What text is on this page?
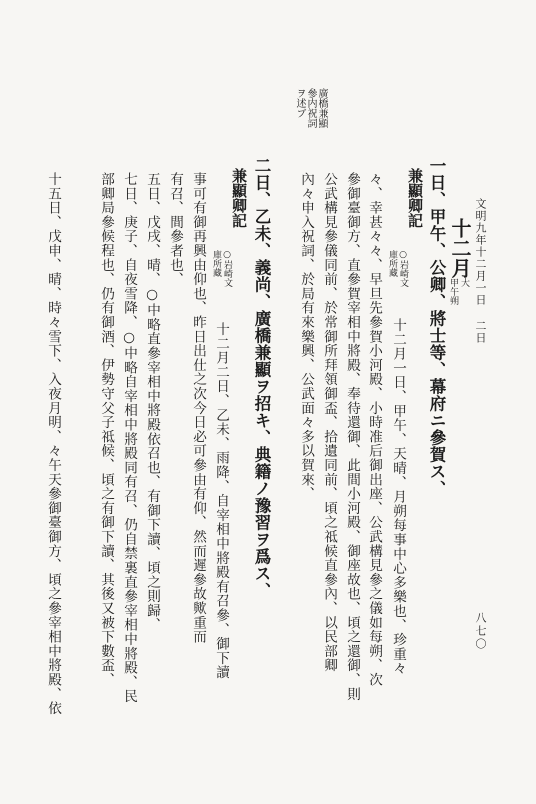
文明九年十二月一日 二日
八七〇
廣橋兼顯
參内祝詞
ヲ述ブ
十二月
大
甲午朔
一日、甲午、公卿、將士等、幕府ニ參賀ス、
兼顯卿記
○岩崎文
庫所藏
十二月一日、甲午、天晴、月朔每事中心多樂也、珍重々
々、幸甚々々、早旦先參賀小河殿、小時准后御出座、公武構見參之儀如每朔、次
參御臺御方、直參賀宰相中將殿、奉待還御、此間小河殿、御座故也、頃之還御、則
公武構見參儀同前、於常御所拜領御盃、拾遺同前、頃之祗候直參內、以民部卿
內々申入祝詞、於局有來樂興、公武面々多以賀來、
二日、乙未、義尚、廣橋兼顯ヲ招キ、典籍ノ豫習ヲ爲ス、
兼顯卿記
○岩崎文
庫所藏
十二月二日、乙未、雨降、自宰相中將殿有召參、御下讀
事可有御再興由仰也、昨日出仕之次今日必可參由有仰、然而遲參故歟重而
有召、間參者也、
五日、戊戌、晴、○中略直參宰相中將殿依召也、有御下讀、頃之則歸、
七日、庚子、自夜雪降、○中略自宰相中將殿同有召、仍自禁裏直參宰相中將殿、民
部卿局參候程也、仍有御酒、伊勢守父子祗候、頃之有御下讀、其後又被下數盃、
十五日、戊申、晴、時々雪下、入夜月明、々午天參御臺御方、頃之參宰相中將殿、依
